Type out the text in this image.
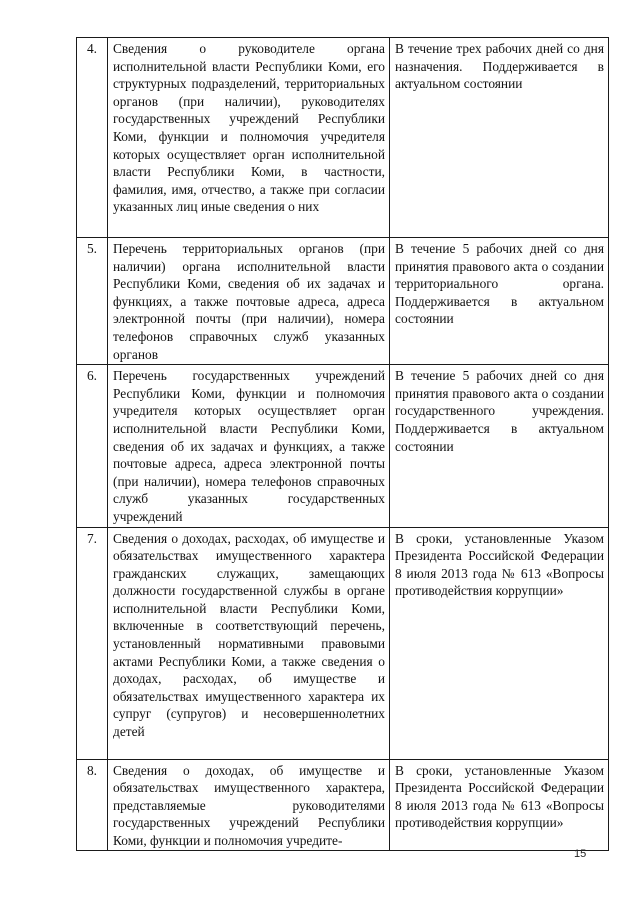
4.	Сведения о руководителе органа исполнительной власти Республики Коми, его структурных подразделений, территориальных органов (при наличии), руководителях государственных учреждений Республики Коми, функции и полномочия учредителя которых осуществляет орган исполнительной власти Республики Коми, в частности, фамилия, имя, отчество, а также при согласии указанных лиц иные сведения о них	В течение трех рабочих дней со дня назначения. Поддерживается в актуальном состоянии
5.	Перечень территориальных органов (при наличии) органа исполнительной власти Республики Коми, сведения об их задачах и функциях, а также почтовые адреса, адреса электронной почты (при наличии), номера телефонов справочных служб указанных органов	В течение 5 рабочих дней со дня принятия правового акта о создании территориального органа. Поддерживается в актуальном состоянии
6.	Перечень государственных учреждений Республики Коми, функции и полномочия учредителя которых осуществляет орган исполнительной власти Республики Коми, сведения об их задачах и функциях, а также почтовые адреса, адреса электронной почты (при наличии), номера телефонов справочных служб указанных государственных учреждений	В течение 5 рабочих дней со дня принятия правового акта о создании государственного учреждения. Поддерживается в актуальном состоянии
7.	Сведения о доходах, расходах, об имуществе и обязательствах имущественного характера гражданских служащих, замещающих должности государственной службы в органе исполнительной власти Республики Коми, включенные в соответствующий перечень, установленный нормативными правовыми актами Республики Коми, а также сведения о доходах, расходах, об имуществе и обязательствах имущественного характера их супруг (супругов) и несовершеннолетних детей	В сроки, установленные Указом Президента Российской Федерации 8 июля 2013 года № 613 «Вопросы противодействия коррупции»
8.	Сведения о доходах, об имуществе и обязательствах имущественного характера, представляемые руководителями государственных учреждений Республики Коми, функции и полномочия учредите-	В сроки, установленные Указом Президента Российской Федерации 8 июля 2013 года № 613 «Вопросы противодействия коррупции»
15
